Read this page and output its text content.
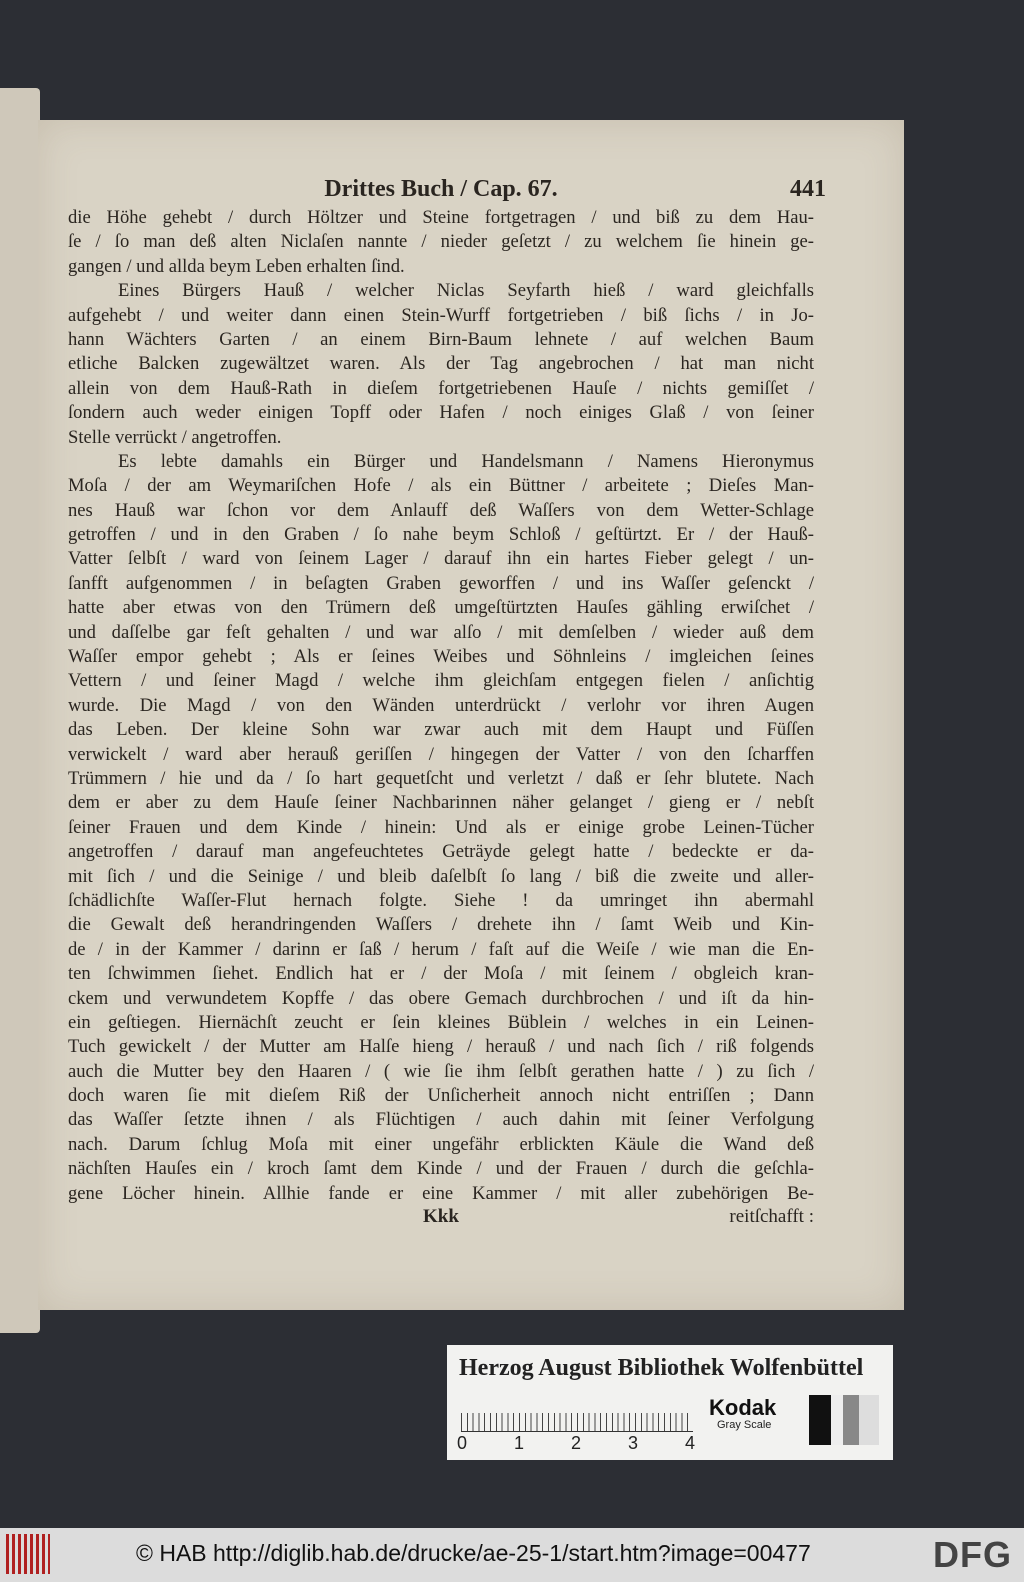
Drittes Buch / Cap. 67.	441
die Höhe gehebt / durch Höltzer und Steine fortgetragen / und biß zu dem Hau-
ſe / ſo man deß alten Niclaſen nannte / nieder geſetzt / zu welchem ſie hinein ge-
gangen / und allda beym Leben erhalten ſind.
Eines Bürgers Hauß / welcher Niclas Seyfarth hieß / ward gleichfalls
aufgehebt / und weiter dann einen Stein-Wurff fortgetrieben / biß ſichs / in Jo-
hann Wächters Garten / an einem Birn-Baum lehnete / auf welchen Baum
etliche Balcken zugewältzet waren. Als der Tag angebrochen / hat man nicht
allein von dem Hauß-Rath in dieſem fortgetriebenen Hauſe / nichts gemiſſet /
ſondern auch weder einigen Topff oder Hafen / noch einiges Glaß / von ſeiner
Stelle verrückt / angetroffen.
Es lebte damahls ein Bürger und Handelsmann / Namens Hieronymus
Moſa / der am Weymariſchen Hofe / als ein Büttner / arbeitete ; Dieſes Man-
nes Hauß war ſchon vor dem Anlauff deß Waſſers von dem Wetter-Schlage
getroffen / und in den Graben / ſo nahe beym Schloß / geſtürtzt. Er / der Hauß-
Vatter ſelbſt / ward von ſeinem Lager / darauf ihn ein hartes Fieber gelegt / un-
ſanfft aufgenommen / in beſagten Graben geworffen / und ins Waſſer geſenckt /
hatte aber etwas von den Trümern deß umgeſtürtzten Hauſes gähling erwiſchet /
und daſſelbe gar feſt gehalten / und war alſo / mit demſelben / wieder auß dem
Waſſer empor gehebt ; Als er ſeines Weibes und Söhnleins / imgleichen ſeines
Vettern / und ſeiner Magd / welche ihm gleichſam entgegen fielen / anſichtig
wurde. Die Magd / von den Wänden unterdrückt / verlohr vor ihren Augen
das Leben. Der kleine Sohn war zwar auch mit dem Haupt und Füſſen
verwickelt / ward aber herauß geriſſen / hingegen der Vatter / von den ſcharffen
Trümmern / hie und da / ſo hart gequetſcht und verletzt / daß er ſehr blutete. Nach
dem er aber zu dem Hauſe ſeiner Nachbarinnen näher gelanget / gieng er / nebſt
ſeiner Frauen und dem Kinde / hinein: Und als er einige grobe Leinen-Tücher
angetroffen / darauf man angefeuchtetes Geträyde gelegt hatte / bedeckte er da-
mit ſich / und die Seinige / und bleib daſelbſt ſo lang / biß die zweite und aller-
ſchädlichſte Waſſer-Flut hernach folgte. Siehe ! da umringet ihn abermahl
die Gewalt deß herandringenden Waſſers / drehete ihn / ſamt Weib und Kin-
de / in der Kammer / darinn er ſaß / herum / faſt auf die Weiſe / wie man die En-
ten ſchwimmen ſiehet. Endlich hat er / der Moſa / mit ſeinem / obgleich kran-
ckem und verwundetem Kopffe / das obere Gemach durchbrochen / und iſt da hin-
ein geſtiegen. Hiernächſt zeucht er ſein kleines Büblein / welches in ein Leinen-
Tuch gewickelt / der Mutter am Halſe hieng / herauß / und nach ſich / riß folgends
auch die Mutter bey den Haaren / ( wie ſie ihm ſelbſt gerathen hatte / ) zu ſich /
doch waren ſie mit dieſem Riß der Unſicherheit annoch nicht entriſſen ; Dann
das Waſſer ſetzte ihnen / als Flüchtigen / auch dahin mit ſeiner Verfolgung
nach. Darum ſchlug Moſa mit einer ungefähr erblickten Käule die Wand deß
nächſten Hauſes ein / kroch ſamt dem Kinde / und der Frauen / durch die geſchla-
gene Löcher hinein. Allhie fande er eine Kammer / mit aller zubehörigen Be-
Kkk	reitſchafft :
Herzog August Bibliothek Wolfenbüttel
0	1	2	3	4
Kodak
Gray Scale
© HAB http://diglib.hab.de/drucke/ae-25-1/start.htm?image=00477	DFG
